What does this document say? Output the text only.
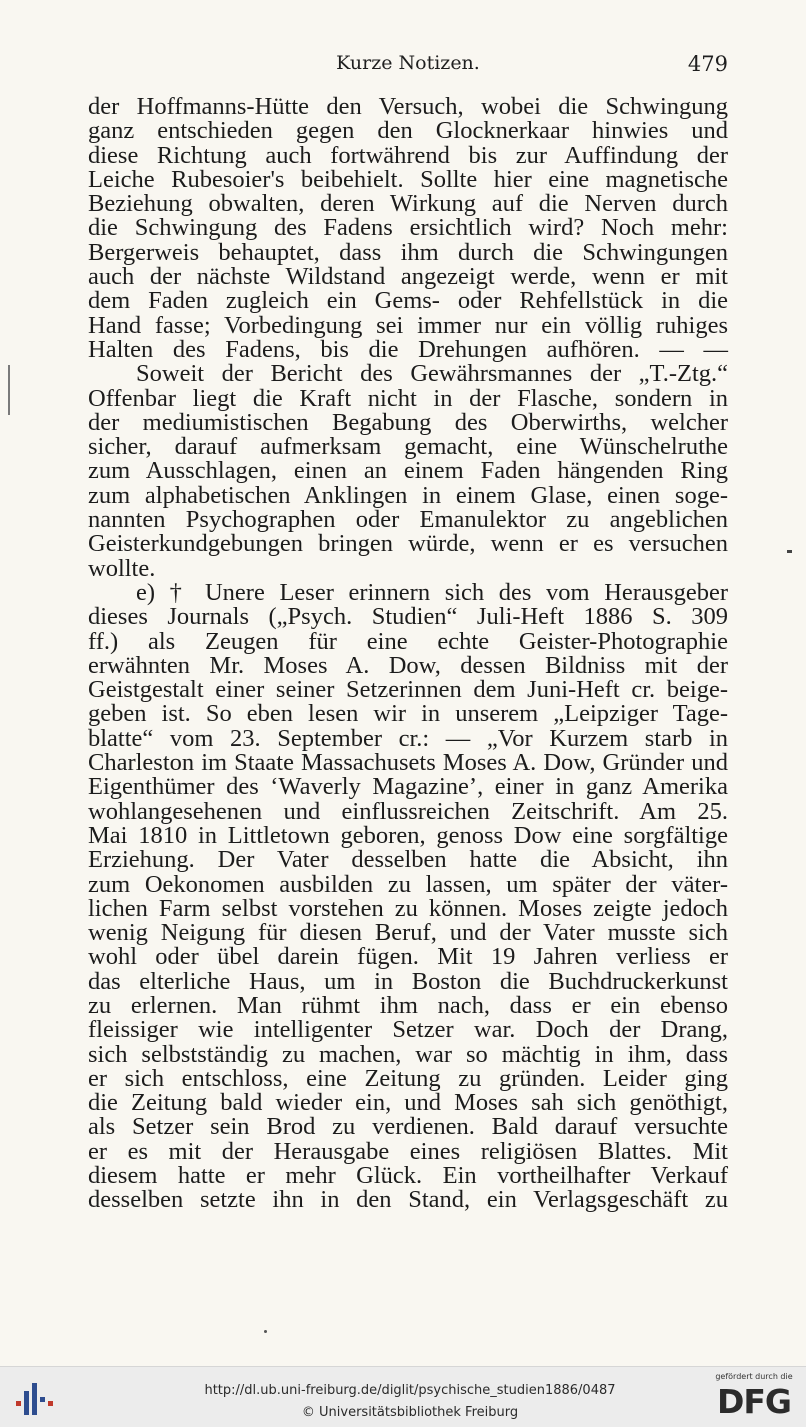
Kurze Notizen.	479
der Hoffmanns-Hütte den Versuch, wobei die Schwingung
ganz entschieden gegen den Glocknerkaar hinwies und
diese Richtung auch fortwährend bis zur Auffindung der
Leiche Rubesoier's beibehielt. Sollte hier eine magnetische
Beziehung obwalten, deren Wirkung auf die Nerven durch
die Schwingung des Fadens ersichtlich wird? Noch mehr:
Bergerweis behauptet, dass ihm durch die Schwingungen
auch der nächste Wildstand angezeigt werde, wenn er mit
dem Faden zugleich ein Gems- oder Rehfellstück in die
Hand fasse; Vorbedingung sei immer nur ein völlig ruhiges
Halten des Fadens, bis die Drehungen aufhören. — —
Soweit der Bericht des Gewährsmannes der „T.-Ztg.“
Offenbar liegt die Kraft nicht in der Flasche, sondern in
der mediumistischen Begabung des Oberwirths, welcher
sicher, darauf aufmerksam gemacht, eine Wünschelruthe
zum Ausschlagen, einen an einem Faden hängenden Ring
zum alphabetischen Anklingen in einem Glase, einen soge-
nannten Psychographen oder Emanulektor zu angeblichen
Geisterkundgebungen bringen würde, wenn er es versuchen
wollte.
e) † Unere Leser erinnern sich des vom Herausgeber
dieses Journals („Psych. Studien“ Juli-Heft 1886 S. 309
ff.) als Zeugen für eine echte Geister-Photographie
erwähnten Mr. Moses A. Dow, dessen Bildniss mit der
Geistgestalt einer seiner Setzerinnen dem Juni-Heft cr. beige-
geben ist. So eben lesen wir in unserem „Leipziger Tage-
blatte“ vom 23. September cr.: — „Vor Kurzem starb in
Charleston im Staate Massachusets Moses A. Dow, Gründer und
Eigenthümer des ‘Waverly Magazine’, einer in ganz Amerika
wohlangesehenen und einflussreichen Zeitschrift. Am 25.
Mai 1810 in Littletown geboren, genoss Dow eine sorgfältige
Erziehung. Der Vater desselben hatte die Absicht, ihn
zum Oekonomen ausbilden zu lassen, um später der väter-
lichen Farm selbst vorstehen zu können. Moses zeigte jedoch
wenig Neigung für diesen Beruf, und der Vater musste sich
wohl oder übel darein fügen. Mit 19 Jahren verliess er
das elterliche Haus, um in Boston die Buchdruckerkunst
zu erlernen. Man rühmt ihm nach, dass er ein ebenso
fleissiger wie intelligenter Setzer war. Doch der Drang,
sich selbstständig zu machen, war so mächtig in ihm, dass
er sich entschloss, eine Zeitung zu gründen. Leider ging
die Zeitung bald wieder ein, und Moses sah sich genöthigt,
als Setzer sein Brod zu verdienen. Bald darauf versuchte
er es mit der Herausgabe eines religiösen Blattes. Mit
diesem hatte er mehr Glück. Ein vortheilhafter Verkauf
desselben setzte ihn in den Stand, ein Verlagsgeschäft zu
http://dl.ub.uni-freiburg.de/diglit/psychische_studien1886/0487
© Universitätsbibliothek Freiburg
gefördert durch die
DFG
